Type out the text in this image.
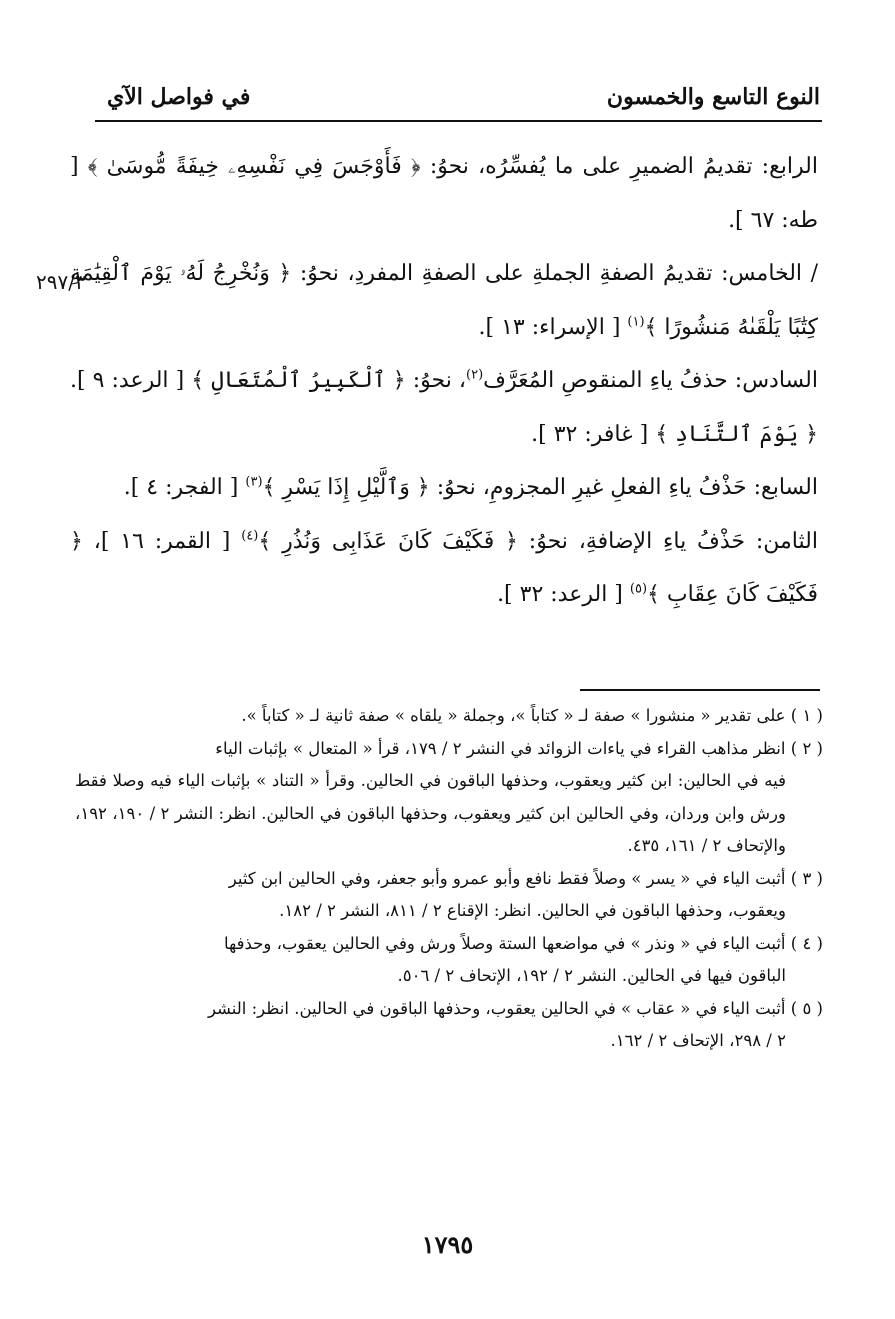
النوع التاسع والخمسون
في فواصل الآي
٢٩٧/٣

الرابع: تقديمُ الضميرِ على ما يُفسِّرُه، نحوُ: ﴿ فَأَوْجَسَ فِي نَفْسِهِۦ خِيفَةً مُّوسَىٰ ﴾ [ طه: ٦٧ ].

/ الخامس: تقديمُ الصفةِ الجملةِ على الصفةِ المفردِ، نحوُ: ﴿ وَنُخْرِجُ لَهُۥ يَوْمَ ٱلْقِيَٰمَةِ كِتَٰبًا يَلْقَىٰهُ مَنشُورًا ﴾$^{(١)}$ [ الإسراء: ١٣ ].

السادس: حذفُ ياءِ المنقوصِ المُعَرَّف$^{(٢)}$، نحوُ: ﴿ ٱلْكَبِيرُ ٱلْمُتَعَالِ ﴾ [ الرعد: ٩ ]. ﴿ يَوْمَ ٱلتَّنَادِ ﴾ [ غافر: ٣٢ ].

السابع: حَذْفُ ياءِ الفعلِ غيرِ المجزومِ، نحوُ: ﴿ وَٱلَّيْلِ إِذَا يَسْرِ ﴾$^{(٣)}$ [ الفجر: ٤ ].

الثامن: حَذْفُ ياءِ الإضافةِ، نحوُ: ﴿ فَكَيْفَ كَانَ عَذَابِى وَنُذُرِ ﴾$^{(٤)}$ [ القمر: ١٦ ]، ﴿ فَكَيْفَ كَانَ عِقَابِ ﴾$^{(٥)}$ [ الرعد: ٣٢ ].

( ١ ) على تقدير « منشورا » صفة لـ « كتاباً »، وجملة « يلقاه » صفة ثانية لـ « كتاباً ».

( ٢ ) انظر مذاهب القراء في ياءات الزوائد في النشر ٢ / ١٧٩، قرأ « المتعال » بإثبات الياء
فيه في الحالين: ابن كثير ويعقوب، وحذفها الباقون في الحالين. وقرأ « التناد » بإثبات الياء فيه وصلا فقط ورش وابن وردان، وفي الحالين ابن كثير ويعقوب، وحذفها الباقون في الحالين. انظر: النشر ٢ / ١٩٠، ١٩٢، والإتحاف ٢ / ١٦١، ٤٣٥.

( ٣ ) أثبت الياء في « يسر » وصلاً فقط نافع وأبو عمرو وأبو جعفر، وفي الحالين ابن كثير
ويعقوب، وحذفها الباقون في الحالين. انظر: الإقناع ٢ / ٨١١، النشر ٢ / ١٨٢.

( ٤ ) أثبت الياء في « ونذر » في مواضعها الستة وصلاً ورش وفي الحالين يعقوب، وحذفها
الباقون فيها في الحالين. النشر ٢ / ١٩٢، الإتحاف ٢ / ٥٠٦.

( ٥ ) أثبت الياء في « عقاب » في الحالين يعقوب، وحذفها الباقون في الحالين. انظر: النشر
٢ / ٢٩٨، الإتحاف ٢ / ١٦٢.

١٧٩٥
